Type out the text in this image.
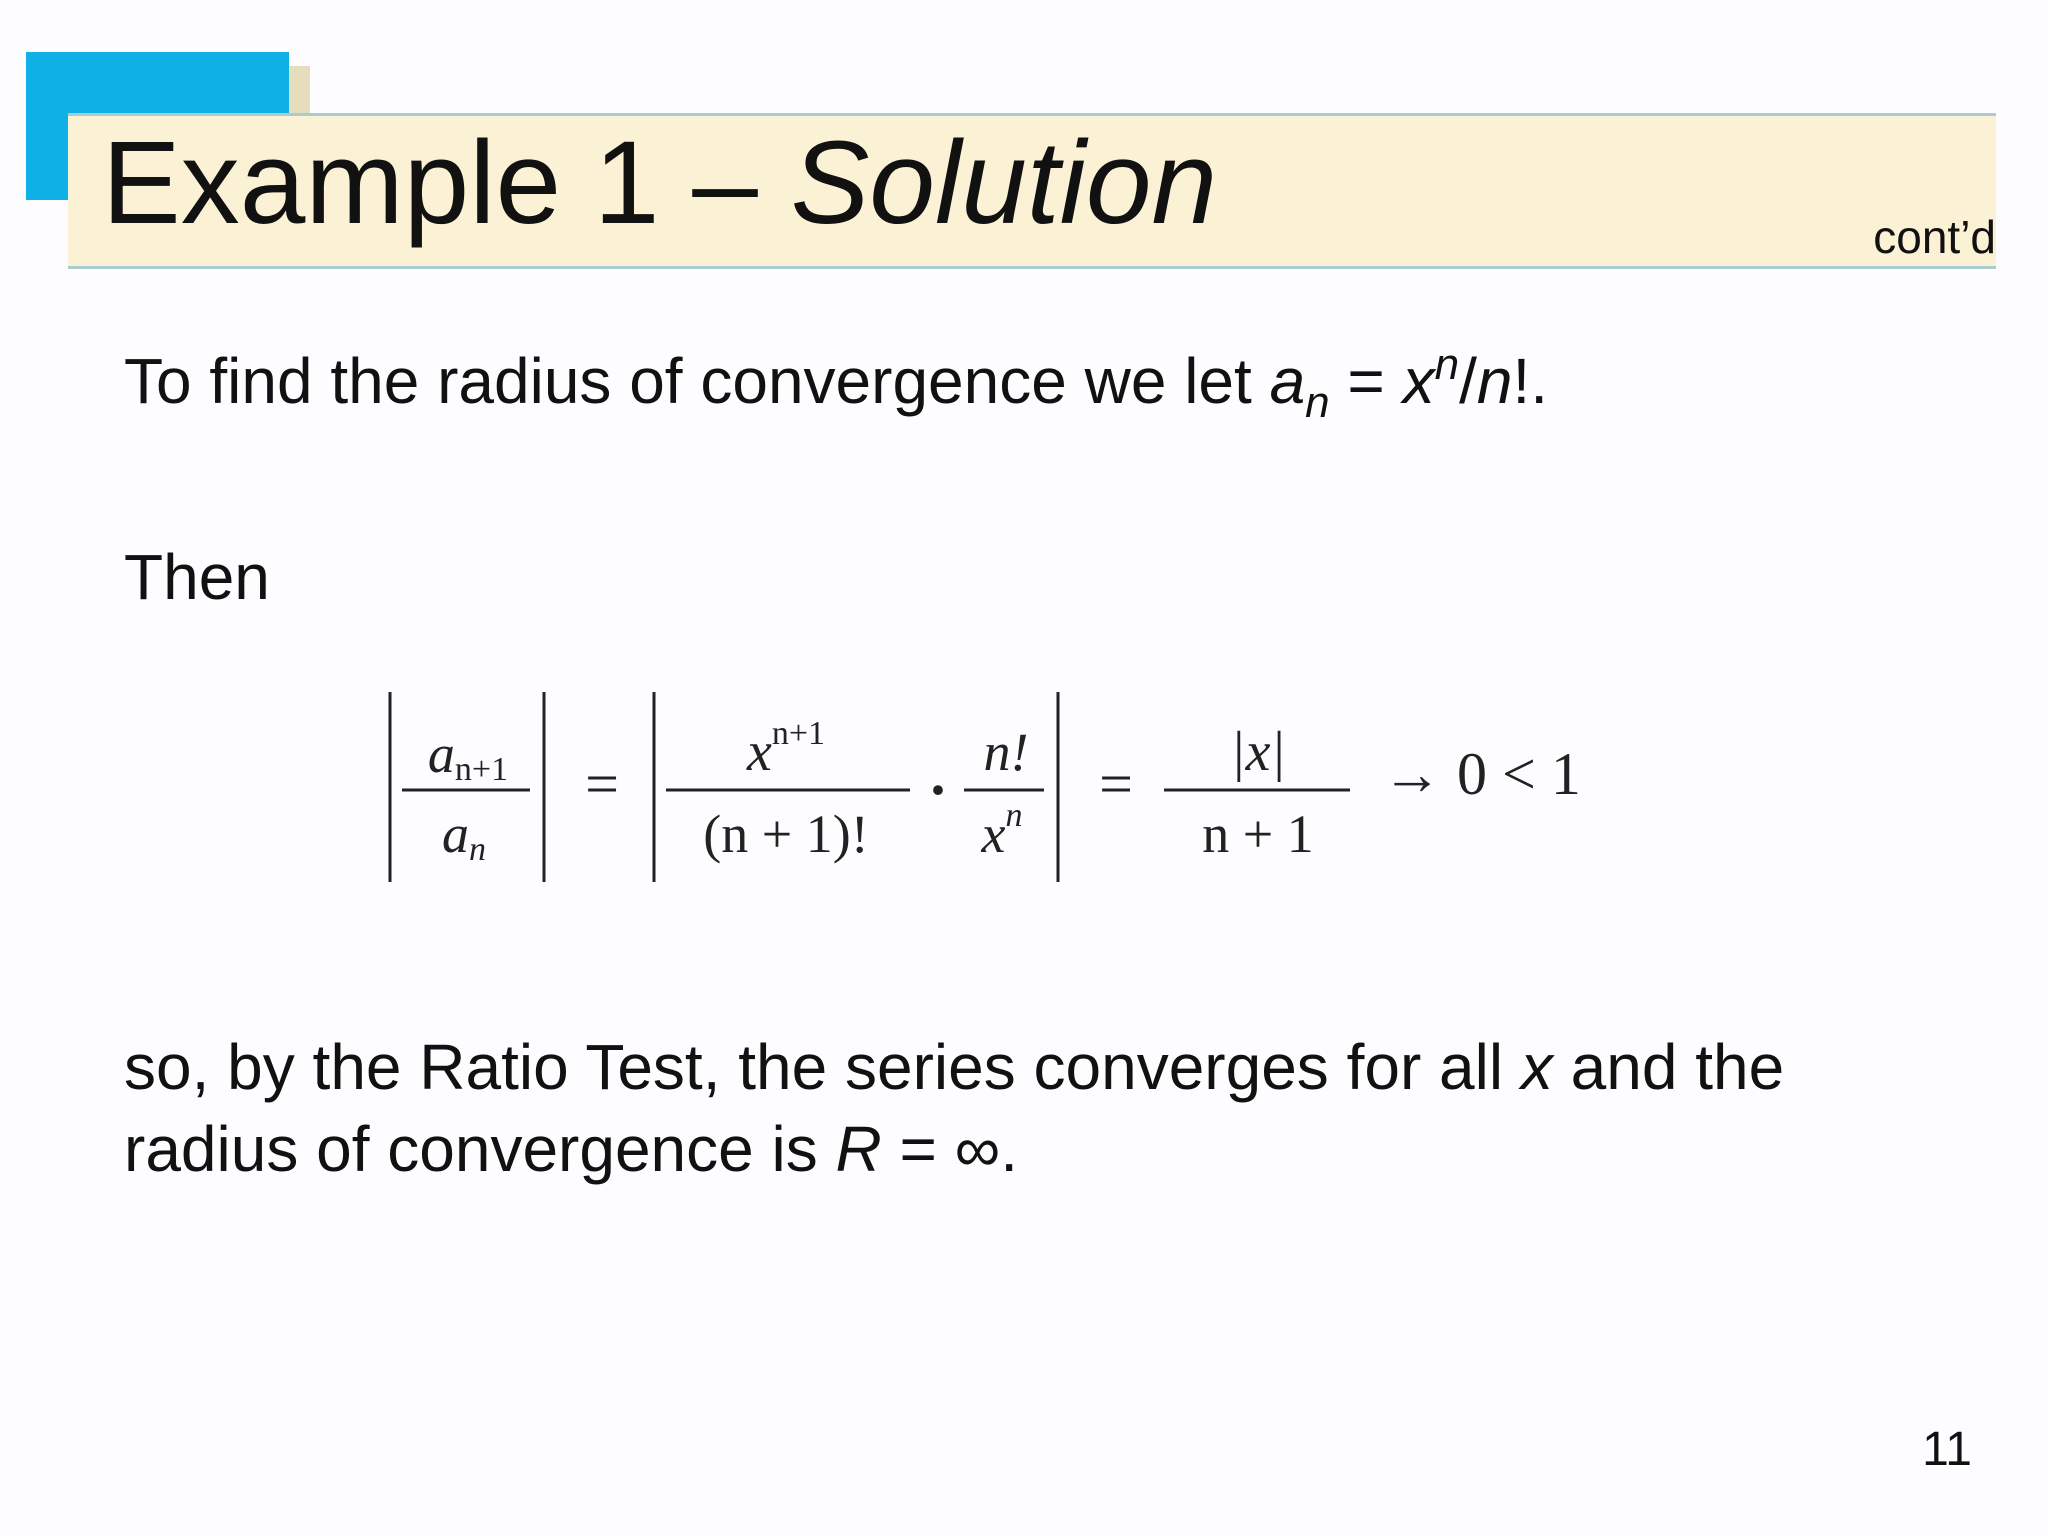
Example 1 – Solution	cont’d

To find the radius of convergence we let $a_n = x^n/n$!.

Then

an+1
an
= xn+1
(n + 1)!
·
n!
xn = |x|
n + 1
→ 0 < 1

so, by the Ratio Test, the series converges for all x and the
radius of convergence is R = ∞.

11
